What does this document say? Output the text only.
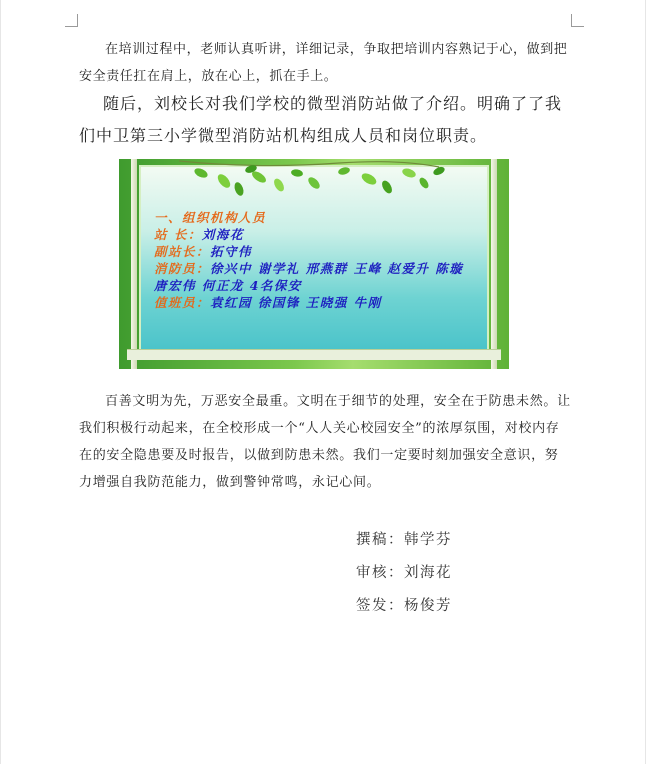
在培训过程中，老师认真听讲，详细记录，争取把培训内容熟记于心，做到把安全责任扛在肩上，放在心上，抓在手上。

随后，刘校长对我们学校的微型消防站做了介绍。明确了了我们中卫第三小学微型消防站机构组成人员和岗位职责。

一、组织机构人员
站 长：刘海花
副站长：拓守伟
消防员：徐兴中 谢学礼 邢燕群 王峰 赵爱升 陈璇 唐宏伟 何正龙 4名保安
值班员：袁红园 徐国锋 王晓强 牛刚

百善文明为先，万恶安全最重。文明在于细节的处理，安全在于防患未然。让我们积极行动起来，在全校形成一个“人人关心校园安全”的浓厚氛围，对校内存在的安全隐患要及时报告，以做到防患未然。我们一定要时刻加强安全意识，努力增强自我防范能力，做到警钟常鸣，永记心间。

撰稿：韩学芬
审核：刘海花
签发：杨俊芳
